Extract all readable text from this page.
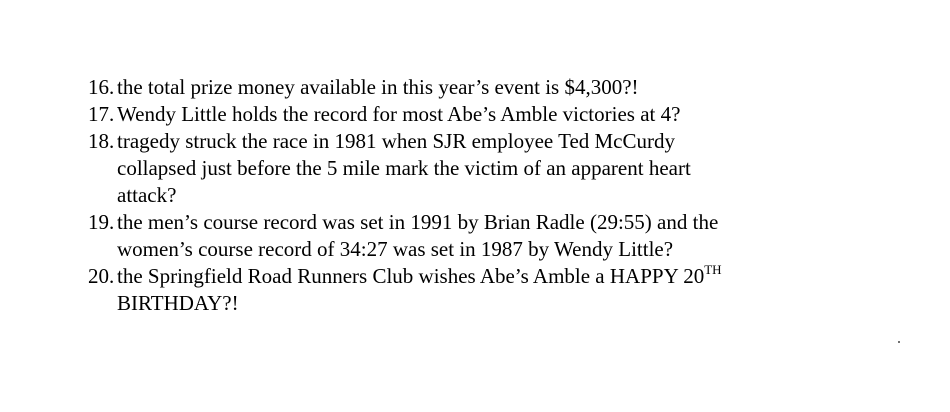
16. the total prize money available in this year’s event is $4,300?!
17. Wendy Little holds the record for most Abe’s Amble victories at 4?
18. tragedy struck the race in 1981 when SJR employee Ted McCurdy collapsed just before the 5 mile mark the victim of an apparent heart attack?
19. the men’s course record was set in 1991 by Brian Radle (29:55) and the women’s course record of 34:27 was set in 1987 by Wendy Little?
20. the Springfield Road Runners Club wishes Abe’s Amble a HAPPY 20TH BIRTHDAY?!
